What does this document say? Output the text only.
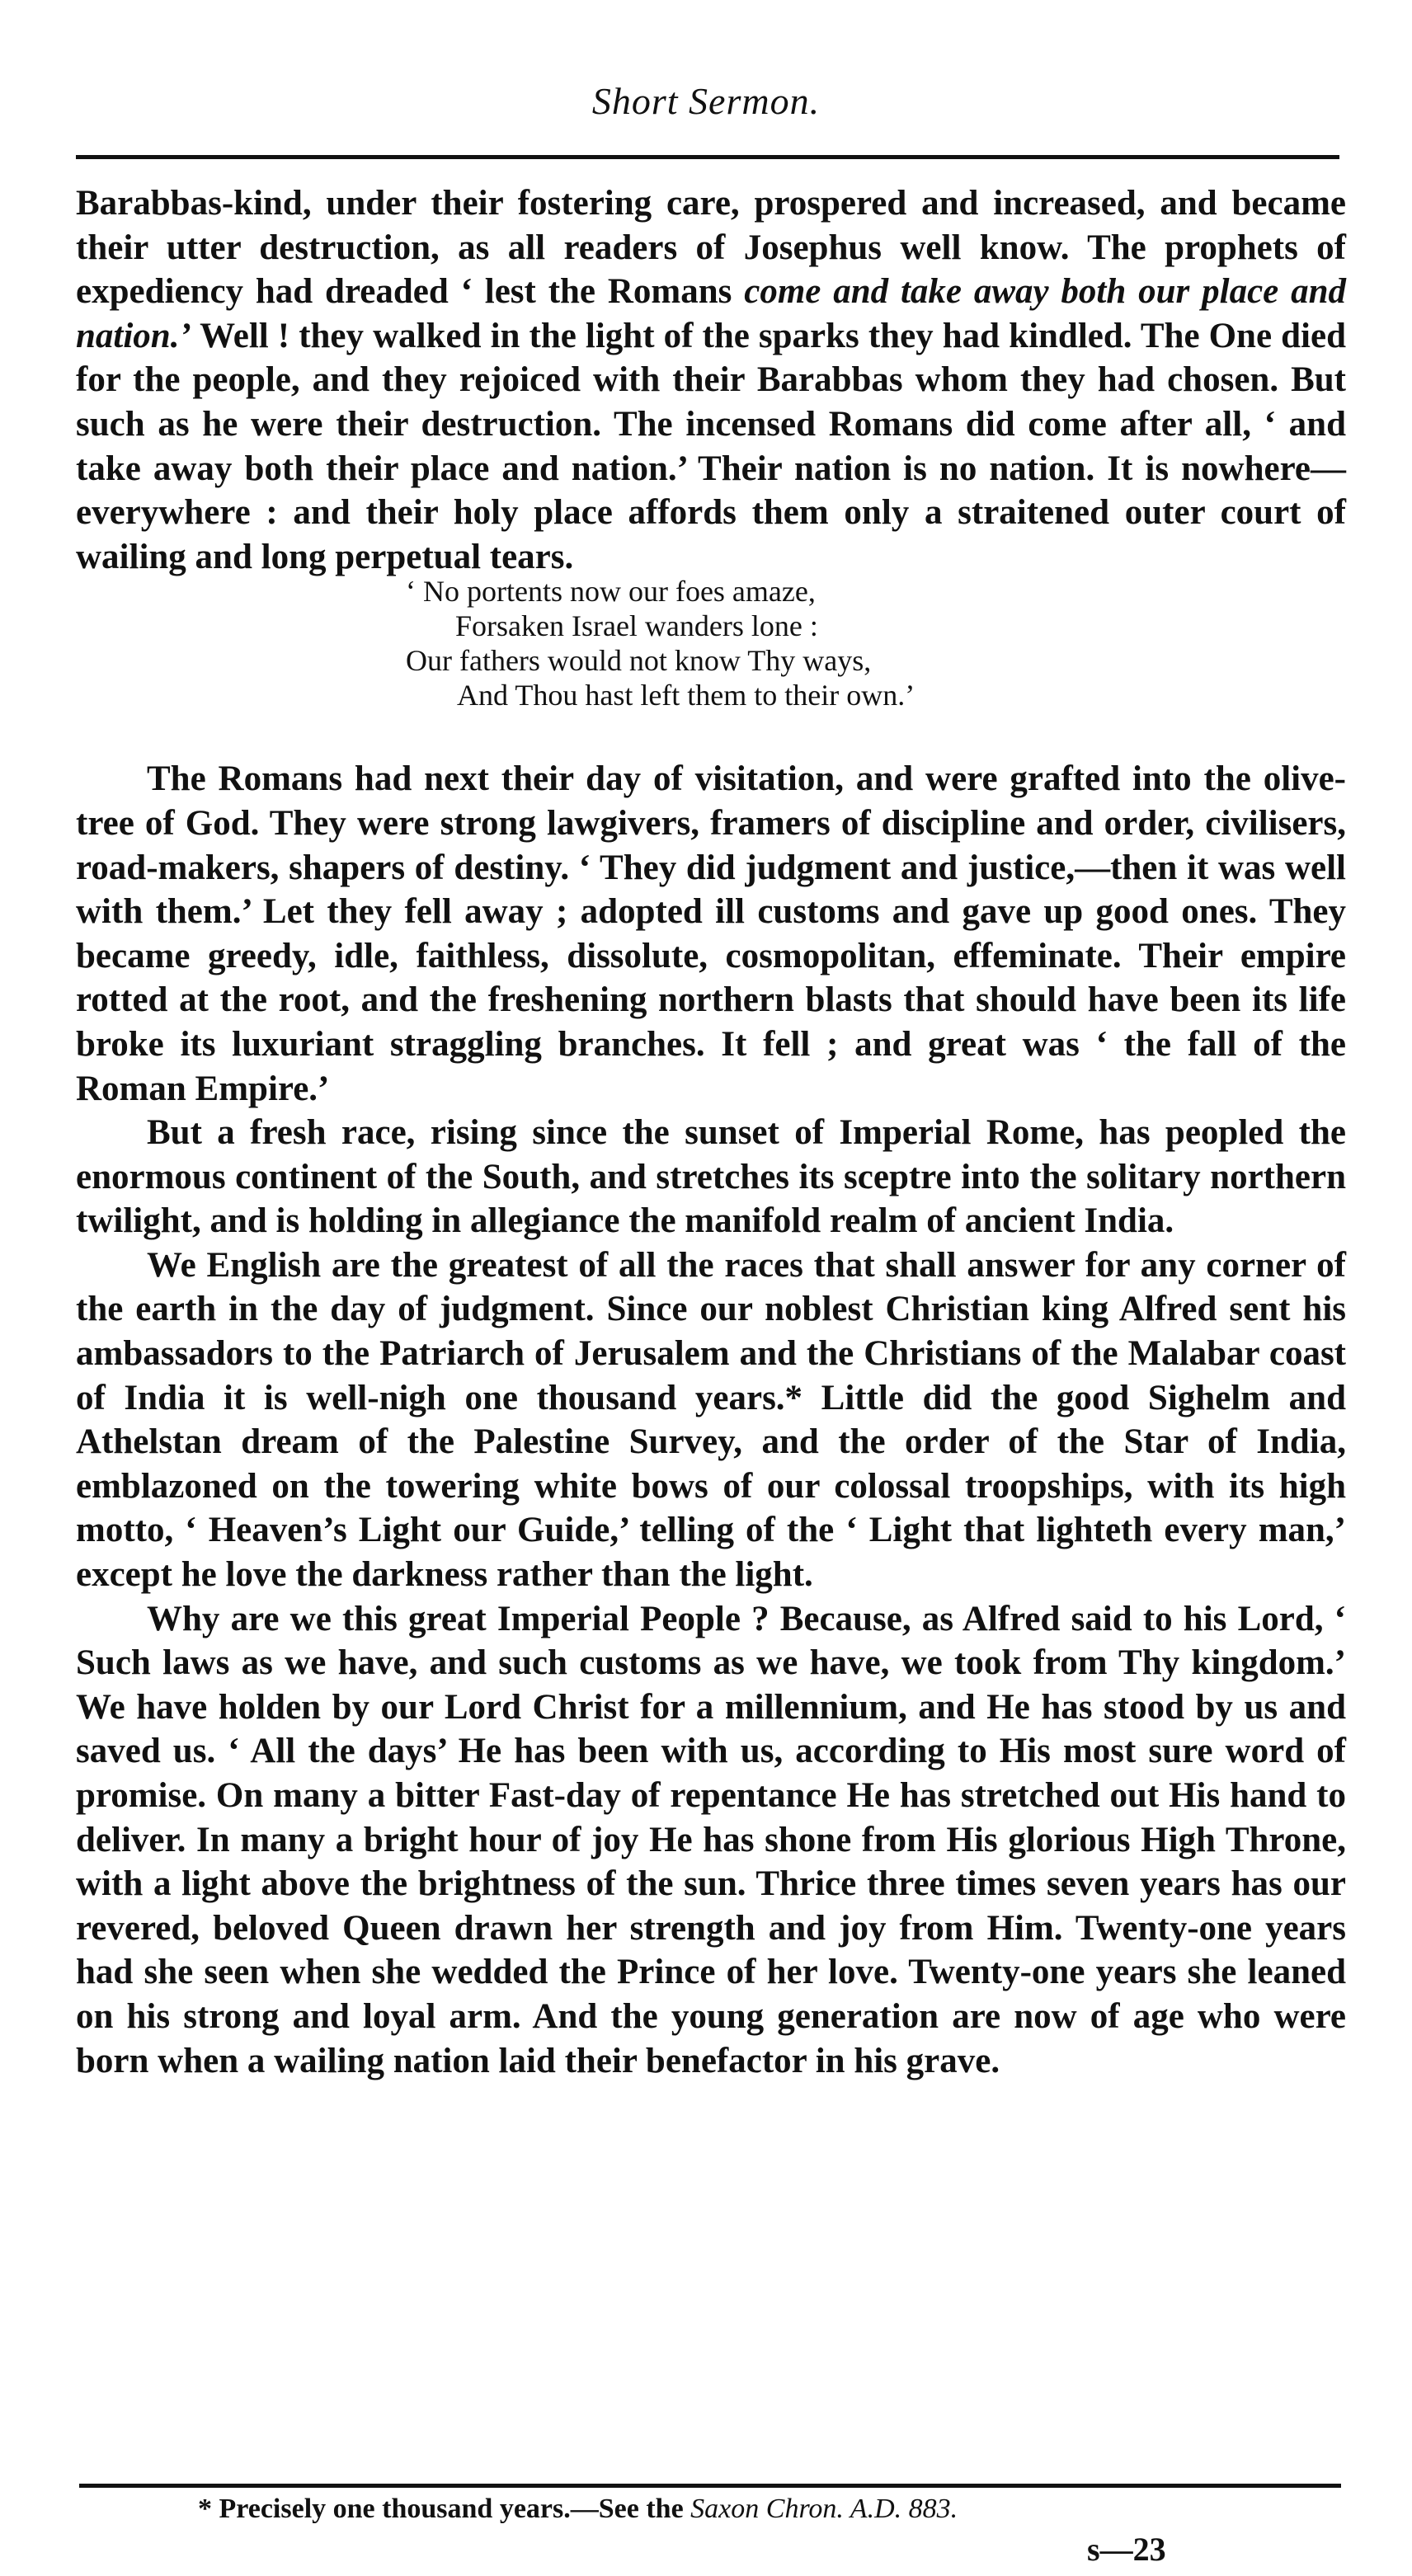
Short Sermon.

Barabbas-kind, under their fostering care, prospered and increased, and became their utter destruction, as all readers of Josephus well know. The prophets of expediency had dreaded ‘ lest the Romans come and take away both our place and nation.’ Well ! they walked in the light of the sparks they had kindled. The One died for the people, and they rejoiced with their Barabbas whom they had chosen. But such as he were their destruction. The incensed Romans did come after all, ‘ and take away both their place and nation.’ Their nation is no nation. It is nowhere—everywhere : and their holy place affords them only a straitened outer court of wailing and long perpetual tears.

‘ No portents now our foes amaze,
Forsaken Israel wanders lone :
Our fathers would not know Thy ways,
And Thou hast left them to their own.’

The Romans had next their day of visitation, and were grafted into the olive-tree of God. They were strong lawgivers, framers of discipline and order, civilisers, road-makers, shapers of destiny. ‘ They did judgment and justice,—then it was well with them.’ Let they fell away ; adopted ill customs and gave up good ones. They became greedy, idle, faithless, dissolute, cosmopolitan, effeminate. Their empire rotted at the root, and the freshening northern blasts that should have been its life broke its luxuriant straggling branches. It fell ; and great was ‘ the fall of the Roman Empire.’

But a fresh race, rising since the sunset of Imperial Rome, has peopled the enormous continent of the South, and stretches its sceptre into the solitary northern twilight, and is holding in allegiance the manifold realm of ancient India.

We English are the greatest of all the races that shall answer for any corner of the earth in the day of judgment. Since our noblest Christian king Alfred sent his ambassadors to the Patriarch of Jerusalem and the Christians of the Malabar coast of India it is well-nigh one thousand years.* Little did the good Sighelm and Athelstan dream of the Palestine Survey, and the order of the Star of India, emblazoned on the towering white bows of our colossal troopships, with its high motto, ‘ Heaven’s Light our Guide,’ telling of the ‘ Light that lighteth every man,’ except he love the darkness rather than the light.

Why are we this great Imperial People ? Because, as Alfred said to his Lord, ‘ Such laws as we have, and such customs as we have, we took from Thy kingdom.’ We have holden by our Lord Christ for a millennium, and He has stood by us and saved us. ‘ All the days’ He has been with us, according to His most sure word of promise. On many a bitter Fast-day of repentance He has stretched out His hand to deliver. In many a bright hour of joy He has shone from His glorious High Throne, with a light above the brightness of the sun. Thrice three times seven years has our revered, beloved Queen drawn her strength and joy from Him. Twenty-one years had she seen when she wedded the Prince of her love. Twenty-one years she leaned on his strong and loyal arm. And the young generation are now of age who were born when a wailing nation laid their benefactor in his grave.

* Precisely one thousand years.—See the Saxon Chron. A.D. 883.
s—23
